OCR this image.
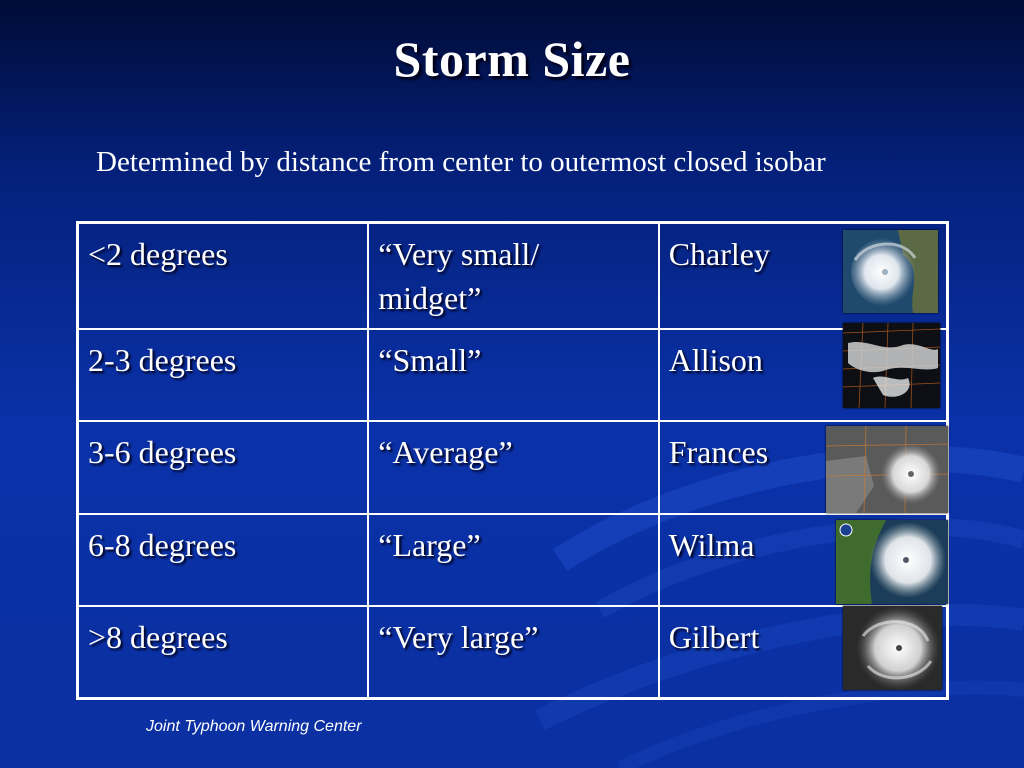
Storm Size
Determined by distance from center to outermost closed isobar
<2 degrees	“Very small/ midget”	Charley
2-3 degrees	“Small”	Allison
3-6 degrees	“Average”	Frances
6-8 degrees	“Large”	Wilma
>8 degrees	“Very large”	Gilbert
Joint Typhoon Warning Center
